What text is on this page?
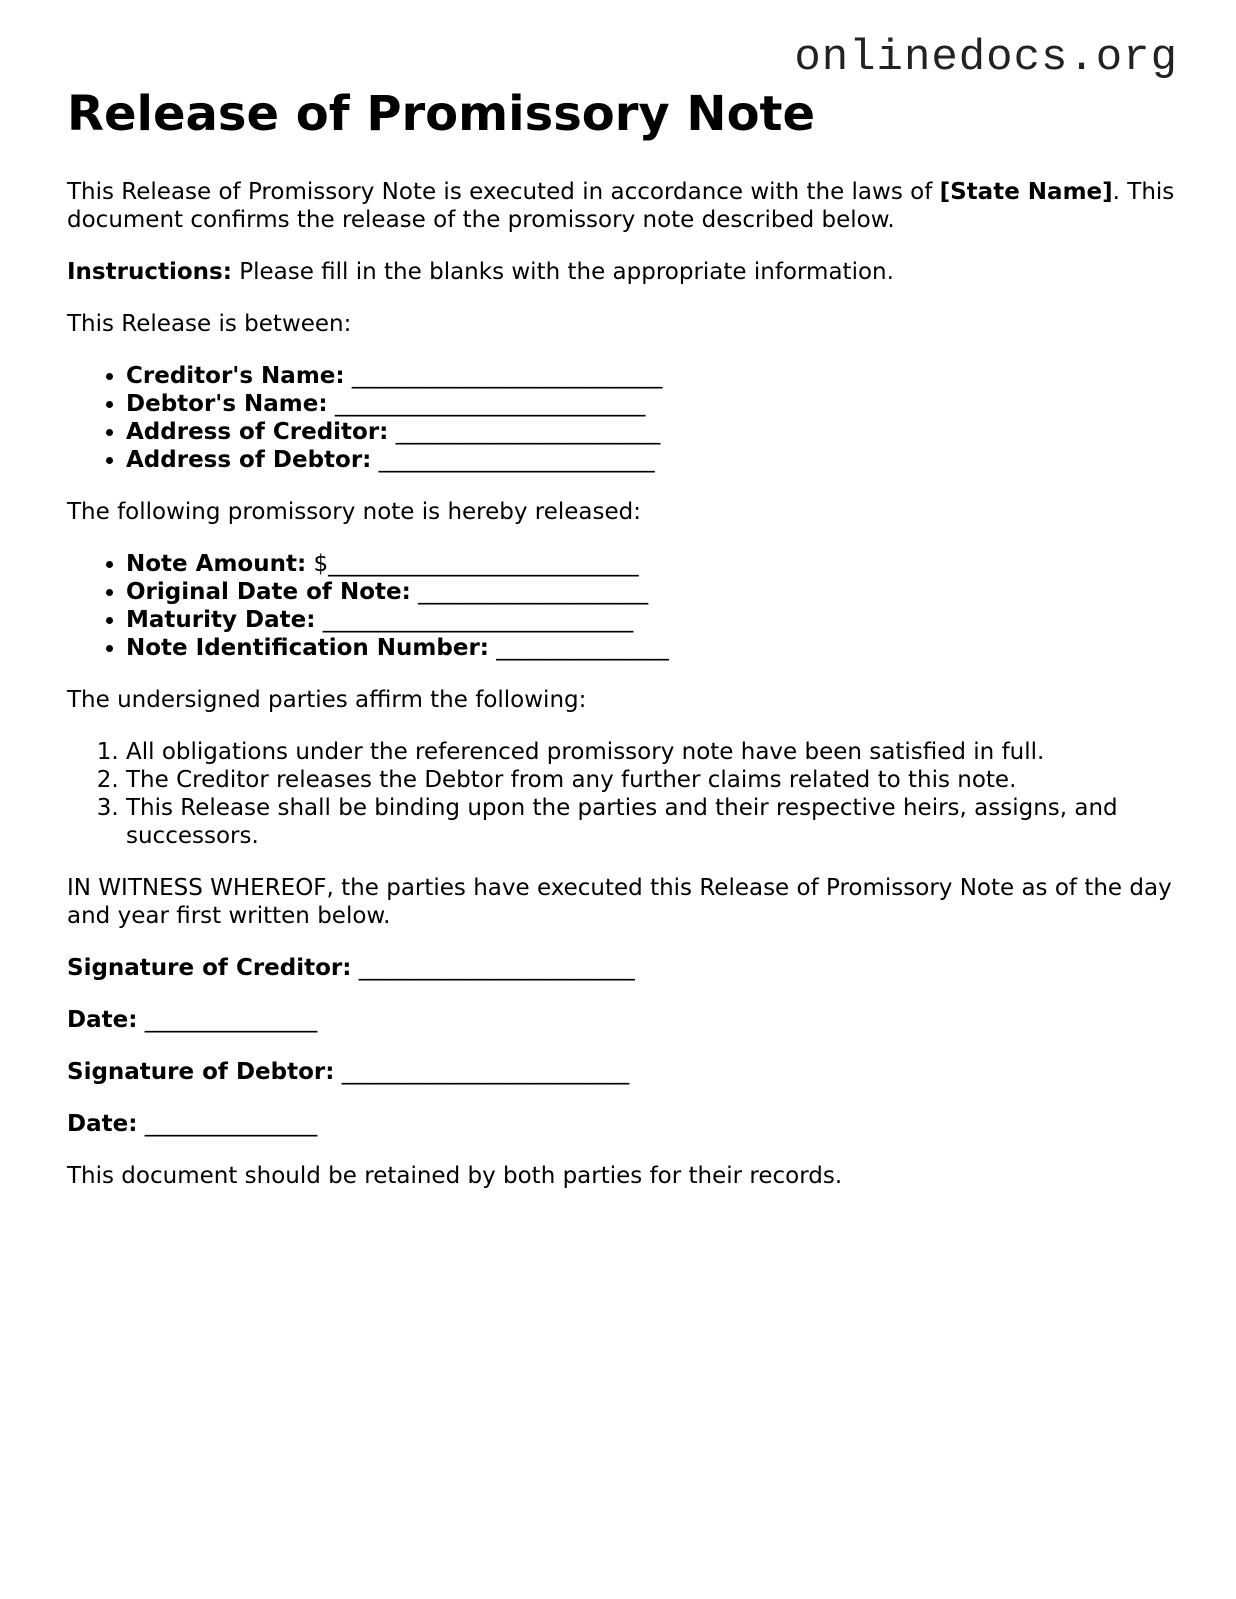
onlinedocs.org
Release of Promissory Note

This Release of Promissory Note is executed in accordance with the laws of [State Name]. This document confirms the release of the promissory note described below.

Instructions: Please fill in the blanks with the appropriate information.

This Release is between:

• Creditor's Name: ___________________________
• Debtor's Name: ___________________________
• Address of Creditor: _______________________
• Address of Debtor: ________________________

The following promissory note is hereby released:

• Note Amount: $___________________________
• Original Date of Note: ____________________
• Maturity Date: ___________________________
• Note Identification Number: _______________

The undersigned parties affirm the following:

1. All obligations under the referenced promissory note have been satisfied in full.
2. The Creditor releases the Debtor from any further claims related to this note.
3. This Release shall be binding upon the parties and their respective heirs, assigns, and successors.

IN WITNESS WHEREOF, the parties have executed this Release of Promissory Note as of the day and year first written below.

Signature of Creditor: ________________________

Date: _______________

Signature of Debtor: _________________________

Date: _______________

This document should be retained by both parties for their records.
